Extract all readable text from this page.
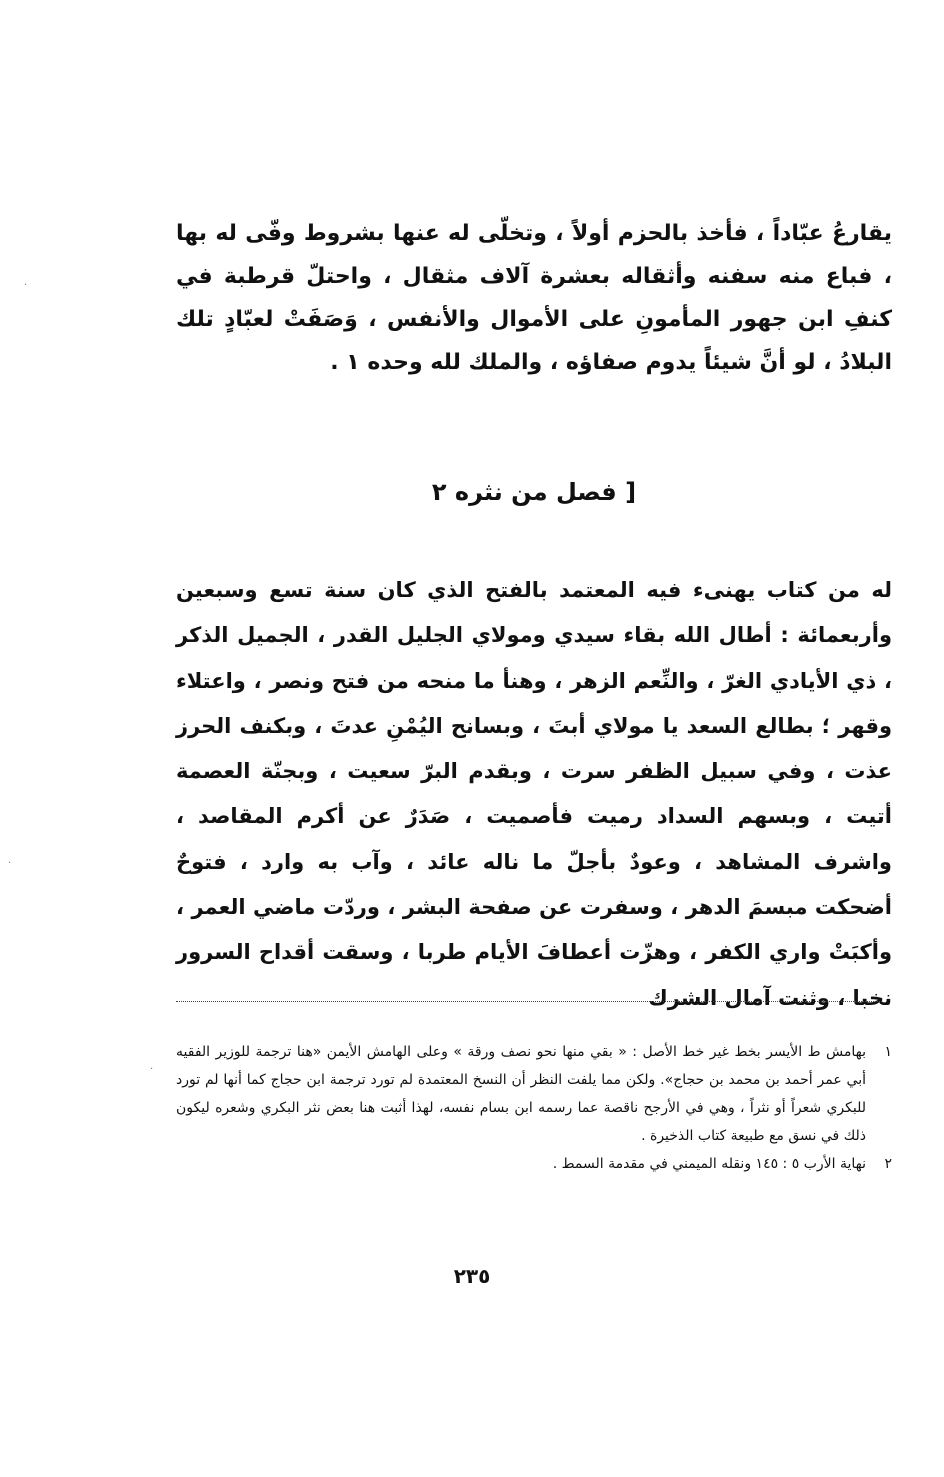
يقارعُ عبّاداً ، فأخذ بالحزم أولاً ، وتخلّى له عنها بشروط وفّى له بها ، فباع منه سفنه وأثقاله بعشرة آلاف مثقال ، واحتلّ قرطبة في كنفِ ابن جهور المأمونِ على الأموال والأنفس ، وَصَفَتْ لعبّادٍ تلك البلادُ ، لو أنَّ شيئاً يدوم صفاؤه ، والملك لله وحده ١ .

[ فصل من نثره ٢

له من كتاب يهنىء فيه المعتمد بالفتح الذي كان سنة تسع وسبعين وأربعمائة : أطال الله بقاء سيدي ومولاي الجليل القدر ، الجميل الذكر ، ذي الأيادي الغرّ ، والنِّعم الزهر ، وهنأ ما منحه من فتح ونصر ، واعتلاء وقهر ؛ بطالع السعد يا مولاي أبتَ ، وبسانح اليُمْنِ عدتَ ، وبكنف الحرز عذت ، وفي سبيل الظفر سرت ، وبقدم البرّ سعيت ، وبجنّة العصمة أتيت ، وبسهم السداد رميت فأصميت ، صَدَرٌ عن أكرم المقاصد ، واشرف المشاهد ، وعودٌ بأجلّ ما ناله عائد ، وآب به وارد ، فتوحٌ أضحكت مبسمَ الدهر ، وسفرت عن صفحة البشر ، وردّت ماضي العمر ، وأكبَتْ واري الكفر ، وهزّت أعطافَ الأيام طربا ، وسقت أقداح السرور نخبا ، وثنت آمال الشرك

١
بهامش ط الأيسر بخط غير خط الأصل : « بقي منها نحو نصف ورقة » وعلى الهامش الأيمن «هنا ترجمة للوزير الفقيه أبي عمر أحمد بن محمد بن حجاج». ولكن مما يلفت النظر أن النسخ المعتمدة لم تورد ترجمة ابن حجاج كما أنها لم تورد للبكري شعراً أو نثراً ، وهي في الأرجح ناقصة عما رسمه ابن بسام نفسه، لهذا أثبت هنا بعض نثر البكري وشعره ليكون ذلك في نسق مع طبيعة كتاب الذخيرة .
٢
نهاية الأرب ٥ : ١٤٥ ونقله الميمني في مقدمة السمط .

٢٣٥

·
·
·
